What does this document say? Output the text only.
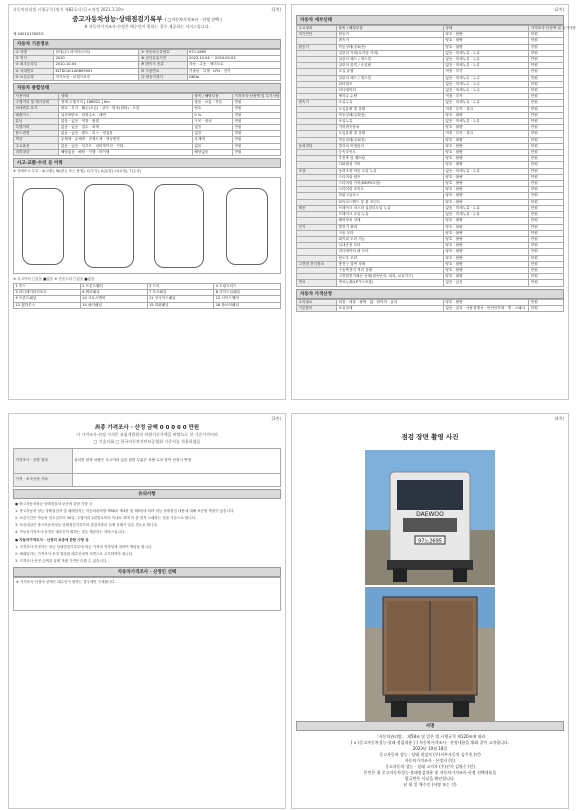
자동차관리법 시행규칙 [별지 제82호서식] <개정 2021.1.19>	(1쪽)
중고자동차성능·상태점검기록부 ( □자동차가격조사 · 산정 선택 )
※ 자동차가격조사·산정은 매수인이 원하는 경우 제공하는 서비스입니다.
제 0401017603호
자동차 기본정보
① 차명	현대(주) 마이티(트럭)	⑦ 자동차등록번호	97노2695
② 연식	2010	⑧ 검사유효기간	2023.10.04 ~ 2024.04.03
③ 최초등록일	2010-10-04	⑨ 변속기 종류	자동 · 수동 · 세미오토
④ 차대번호	KLTDC4C1A0809001	⑩ 사용연료	가솔린 · 디젤 · LPG · 전기
⑤ 보증유형	자가보증 · 보험사보증	⑪ 원동기형식	D6DA
자동차 종합상태
사용이력	상태	항목 / 해당부품	가격조사·산정액 및 특기사항
주행거리 및 계기상태	현재 주행거리 [ 186922 ] Km	많음 · 보통 · 적음	만원
차대번호 표기	양호 · 부식 · 훼손(오손) · 상이 · 변조(변타) · 도말	양호	만원
배출가스	일산화탄소 · 탄화수소 · 매연	0 %	만원
튜닝	없음 · 있음 · 적법 · 불법	구조 · 장치	만원
특별이력	없음 · 있음 · 침수 · 화재	없음	만원
용도변경	없음 · 있음 · 렌트 · 리스 · 영업용	없음	만원
색상	무채색 · 유채색 · 전체도색 · 색상변경	무채색	만원
주요옵션	없음 · 있음 · 선루프 · 내비게이션 · 기타	없음	만원
리콜대상	해당없음 · 해당 · 이행 · 미이행	해당없음	만원
사고·교환·수리 등 이력
※ 상태표시 부호 : X(교환), W(판금 또는 용접), C(부식), A(흠집), U(요철), T(손상)
⑤ 사고이력 □있음 ■없음 ⑥ 단순수리 □있음 ■없음
1 후드	2 프론트휀더	3 도어	4 트렁크리드
5 라디에이터서포트	6 쿼터패널	7 루프패널	8 사이드실패널
9 프론트패널	10 크로스멤버	11 인사이드패널	12 사이드멤버
13 휠하우스	14 필러패널	15 대쉬패널	16 플로어패널
(2쪽)
자동차 세부상태
주요장치	항목 / 해당부품	상태	가격조사·산정액 및 특기사항
자기진단	원동기	양호 · 불량	만원
	변속기	양호 · 불량	만원
원동기	작동상태(공회전)	양호 · 불량	만원
	실린더 커버(로커암 커버)	없음 · 미세누유 · 누유	만원
	실린더 헤드 / 개스킷	없음 · 미세누유 · 누유	만원
	실린더 블록 / 오일팬	없음 · 미세누유 · 누유	만원
	오일 유량	적정 · 부족	만원
	실린더 헤드 / 개스킷	없음 · 미세누수 · 누수	만원
	워터펌프	없음 · 미세누수 · 누수	만원
	라디에이터	없음 · 미세누수 · 누수	만원
	냉각수 수량	적정 · 부족	만원
변속기	오일누유	없음 · 미세누유 · 누유	만원
	오일유량 및 상태	적정 · 부족 · 과다	만원
	작동상태(공회전)	양호 · 불량	만원
	오일누유	없음 · 미세누유 · 누유	만원
	기어변속장치	양호 · 불량	만원
	오일유량 및 상태	적정 · 부족 · 과다	만원
	작동상태(공회전)	양호 · 불량	만원
동력전달	클러치 어셈블리	양호 · 불량	만원
	등속조인트	양호 · 불량	만원
	추진축 및 베어링	양호 · 불량	만원
	디퍼렌셜 기어	양호 · 불량	만원
조향	동력조향 작동 오일 누유	없음 · 미세누유 · 누유	만원
	스티어링 펌프	양호 · 불량	만원
	스티어링 기어(MDPS포함)	양호 · 불량	만원
	스티어링 조인트	양호 · 불량	만원
	파워고압호스	양호 · 불량	만원
	타이로드엔드 및 볼 조인트	양호 · 불량	만원
제동	브레이크 마스터 실린더오일 누유	없음 · 미세누유 · 누유	만원
	브레이크 오일 누유	없음 · 미세누유 · 누유	만원
	배력장치 상태	양호 · 불량	만원
전기	발전기 출력	양호 · 불량	만원
	시동 모터	양호 · 불량	만원
	와이퍼 모터 기능	양호 · 불량	만원
	실내송풍 모터	양호 · 불량	만원
	라디에이터 팬 모터	양호 · 불량	만원
	윈도우 모터	양호 · 불량	만원
고전원 전기장치	충전구 절연 상태	양호 · 불량	만원
	구동축전지 격리 상태	양호 · 불량	만원
	고전원전기배선 상태(접속단자, 피복, 보호기구)	양호 · 불량	만원
연료	연료누출(LP가스포함)	없음 · 있음	만원
자동차 가격산정
수리필요	외장 · 내장 · 광택 · 휠 · 타이어 · 유리	양호 · 불량	만원
기본품목	보유상태	없음 · 있음 · 사용설명서 · 안전삼각대 · 잭 · 스패너	만원
(3쪽)
최종 가격조사 · 산정 금액 0 0 0 0 0 만원
이 가격조사·산정 가격은 보험개발원의 차량기준가액을 바탕으로 한 기준가격이며
□ 기술사회 □ 한국자동차진단보증협회 기준서를 적용하였음
가격조사 · 산정 결과	관리만 판정 차량은 사고이력 있음 관련 부분은 차량 수리 항목 산정시 반영
가격 · 조사산정 기타	
유의사항

● 중고자동차성능·상태점검의 보증에 관한 사항 등

1. 중고자동차 성능·상태점검자 및 매매업자는 자동차관리법 제58조 제4항 및 제5항에 따라 성능·상태점검 내용에 대해 보증할 책임이 있습니다.

2. 보증기간은 자동차 인도일부터 30일, 주행거리 2천킬로미터 이내로 하며 이 중 먼저 도래하는 것을 기준으로 합니다.

3. 보증대상은 중고자동차성능·상태점검기록부의 점검사항과 실제 상태가 다른 경우로 합니다.

4. 자동차가격조사·산정은 매수인이 원하는 경우 제공하는 서비스입니다.

● 자동차가격조사 · 산정의 보증에 관한 사항 등

1. 가격조사·산정자는 성능·상태점검기록부에 따른 가격의 적정성에 대하여 책임을 집니다.

2. 매매업자는 가격조사·산정 결과를 매수인에게 서면으로 고지하여야 합니다.

3. 가격조사·산정 금액과 실제 거래 가격은 다를 수 있습니다.

자동차가격조사 · 산정인 선택
※ 가격조사·산정자 선택은 매수인이 원하는 경우에만 기재합니다.
(4쪽)
점검 장면 촬영 사진
DAEWOO
97노2695
서명
「자동차관리법」 제58조 및 같은 법 시행규칙 제120조에 따라
( ∨ )중고자동차성능·상태 점검내용 ( ) 자동차가격조사 · 산정내용을 위와 같이 고지합니다.
2023년 10월 18일
중고자동차 성능 · 상태 점검자 (주)서부자동차 김주홍 (인)
자동차가격조사 · 산정자 (인)
중고자동차 성능 · 상태 고지자 (주)선저 김영수 (인)
본인은 위 중고자동차성능·상태점검내용 및 자동차가격조사·산정 선택내용을
발급받은 사실을 확인합니다.
년 월 일 매수인 (서명 또는 인)
